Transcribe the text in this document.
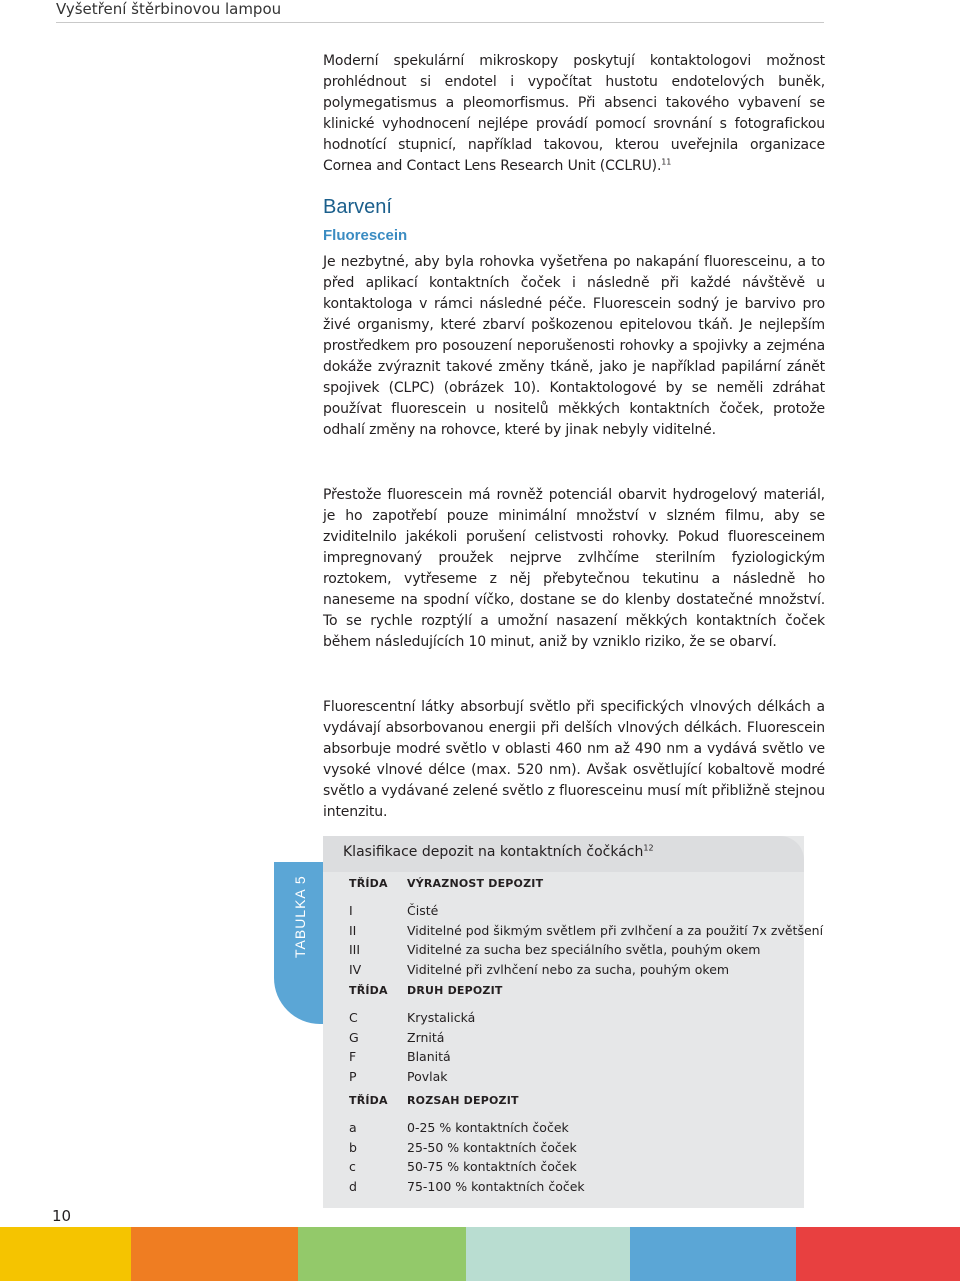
Vyšetření štěrbinovou lampou

Moderní spekulární mikroskopy poskytují kontaktologovi možnost prohlédnout si endotel i vypočítat hustotu endotelových buněk, polymegatismus a pleomorfismus. Při absenci takového vybavení se klinické vyhodnocení nejlépe provádí pomocí srovnání s fotografickou hodnotící stupnicí, například takovou, kterou uveřejnila organizace Cornea and Contact Lens Research Unit (CCLRU).$^{11}$

Barvení
Fluorescein

Je nezbytné, aby byla rohovka vyšetřena po nakapání fluoresceinu, a to před aplikací kontaktních čoček i následně při každé návštěvě u kontaktologa v rámci následné péče. Fluorescein sodný je barvivo pro živé organismy, které zbarví poškozenou epitelovou tkáň. Je nejlepším prostředkem pro posouzení neporušenosti rohovky a spojivky a zejména dokáže zvýraznit takové změny tkáně, jako je například papilární zánět spojivek (CLPC) (obrázek 10). Kontaktologové by se neměli zdráhat používat fluorescein u nositelů měkkých kontaktních čoček, protože odhalí změny na rohovce, které by jinak nebyly viditelné.

Přestože fluorescein má rovněž potenciál obarvit hydrogelový materiál, je ho zapotřebí pouze minimální množství v slzném filmu, aby se zviditelnilo jakékoli porušení celistvosti rohovky. Pokud fluoresceinem impregnovaný proužek nejprve zvlhčíme sterilním fyziologickým roztokem, vytřeseme z něj přebytečnou tekutinu a následně ho naneseme na spodní víčko, dostane se do klenby dostatečné množství. To se rychle rozptýlí a umožní nasazení měkkých kontaktních čoček během následujících 10 minut, aniž by vzniklo riziko, že se obarví.

Fluorescentní látky absorbují světlo při specifických vlnových délkách a vydávají absorbovanou energii při delších vlnových délkách. Fluorescein absorbuje modré světlo v oblasti 460 nm až 490 nm a vydává světlo ve vysoké vlnové délce (max. 520 nm). Avšak osvětlující kobaltově modré světlo a vydávané zelené světlo z fluoresceinu musí mít přibližně stejnou intenzitu.

TABULKA 5
Klasifikace depozit na kontaktních čočkách$^{12}$
TŘÍDA VÝRAZNOST DEPOZIT
I	Čisté
II	Viditelné pod šikmým světlem při zvlhčení a za použití 7x zvětšení
III	Viditelné za sucha bez speciálního světla, pouhým okem
IV	Viditelné při zvlhčení nebo za sucha, pouhým okem
TŘÍDA DRUH DEPOZIT
C	Krystalická
G	Zrnitá
F	Blanitá
P	Povlak
TŘÍDA ROZSAH DEPOZIT
a	0-25 % kontaktních čoček
b	25-50 % kontaktních čoček
c	50-75 % kontaktních čoček
d	75-100 % kontaktních čoček
10
